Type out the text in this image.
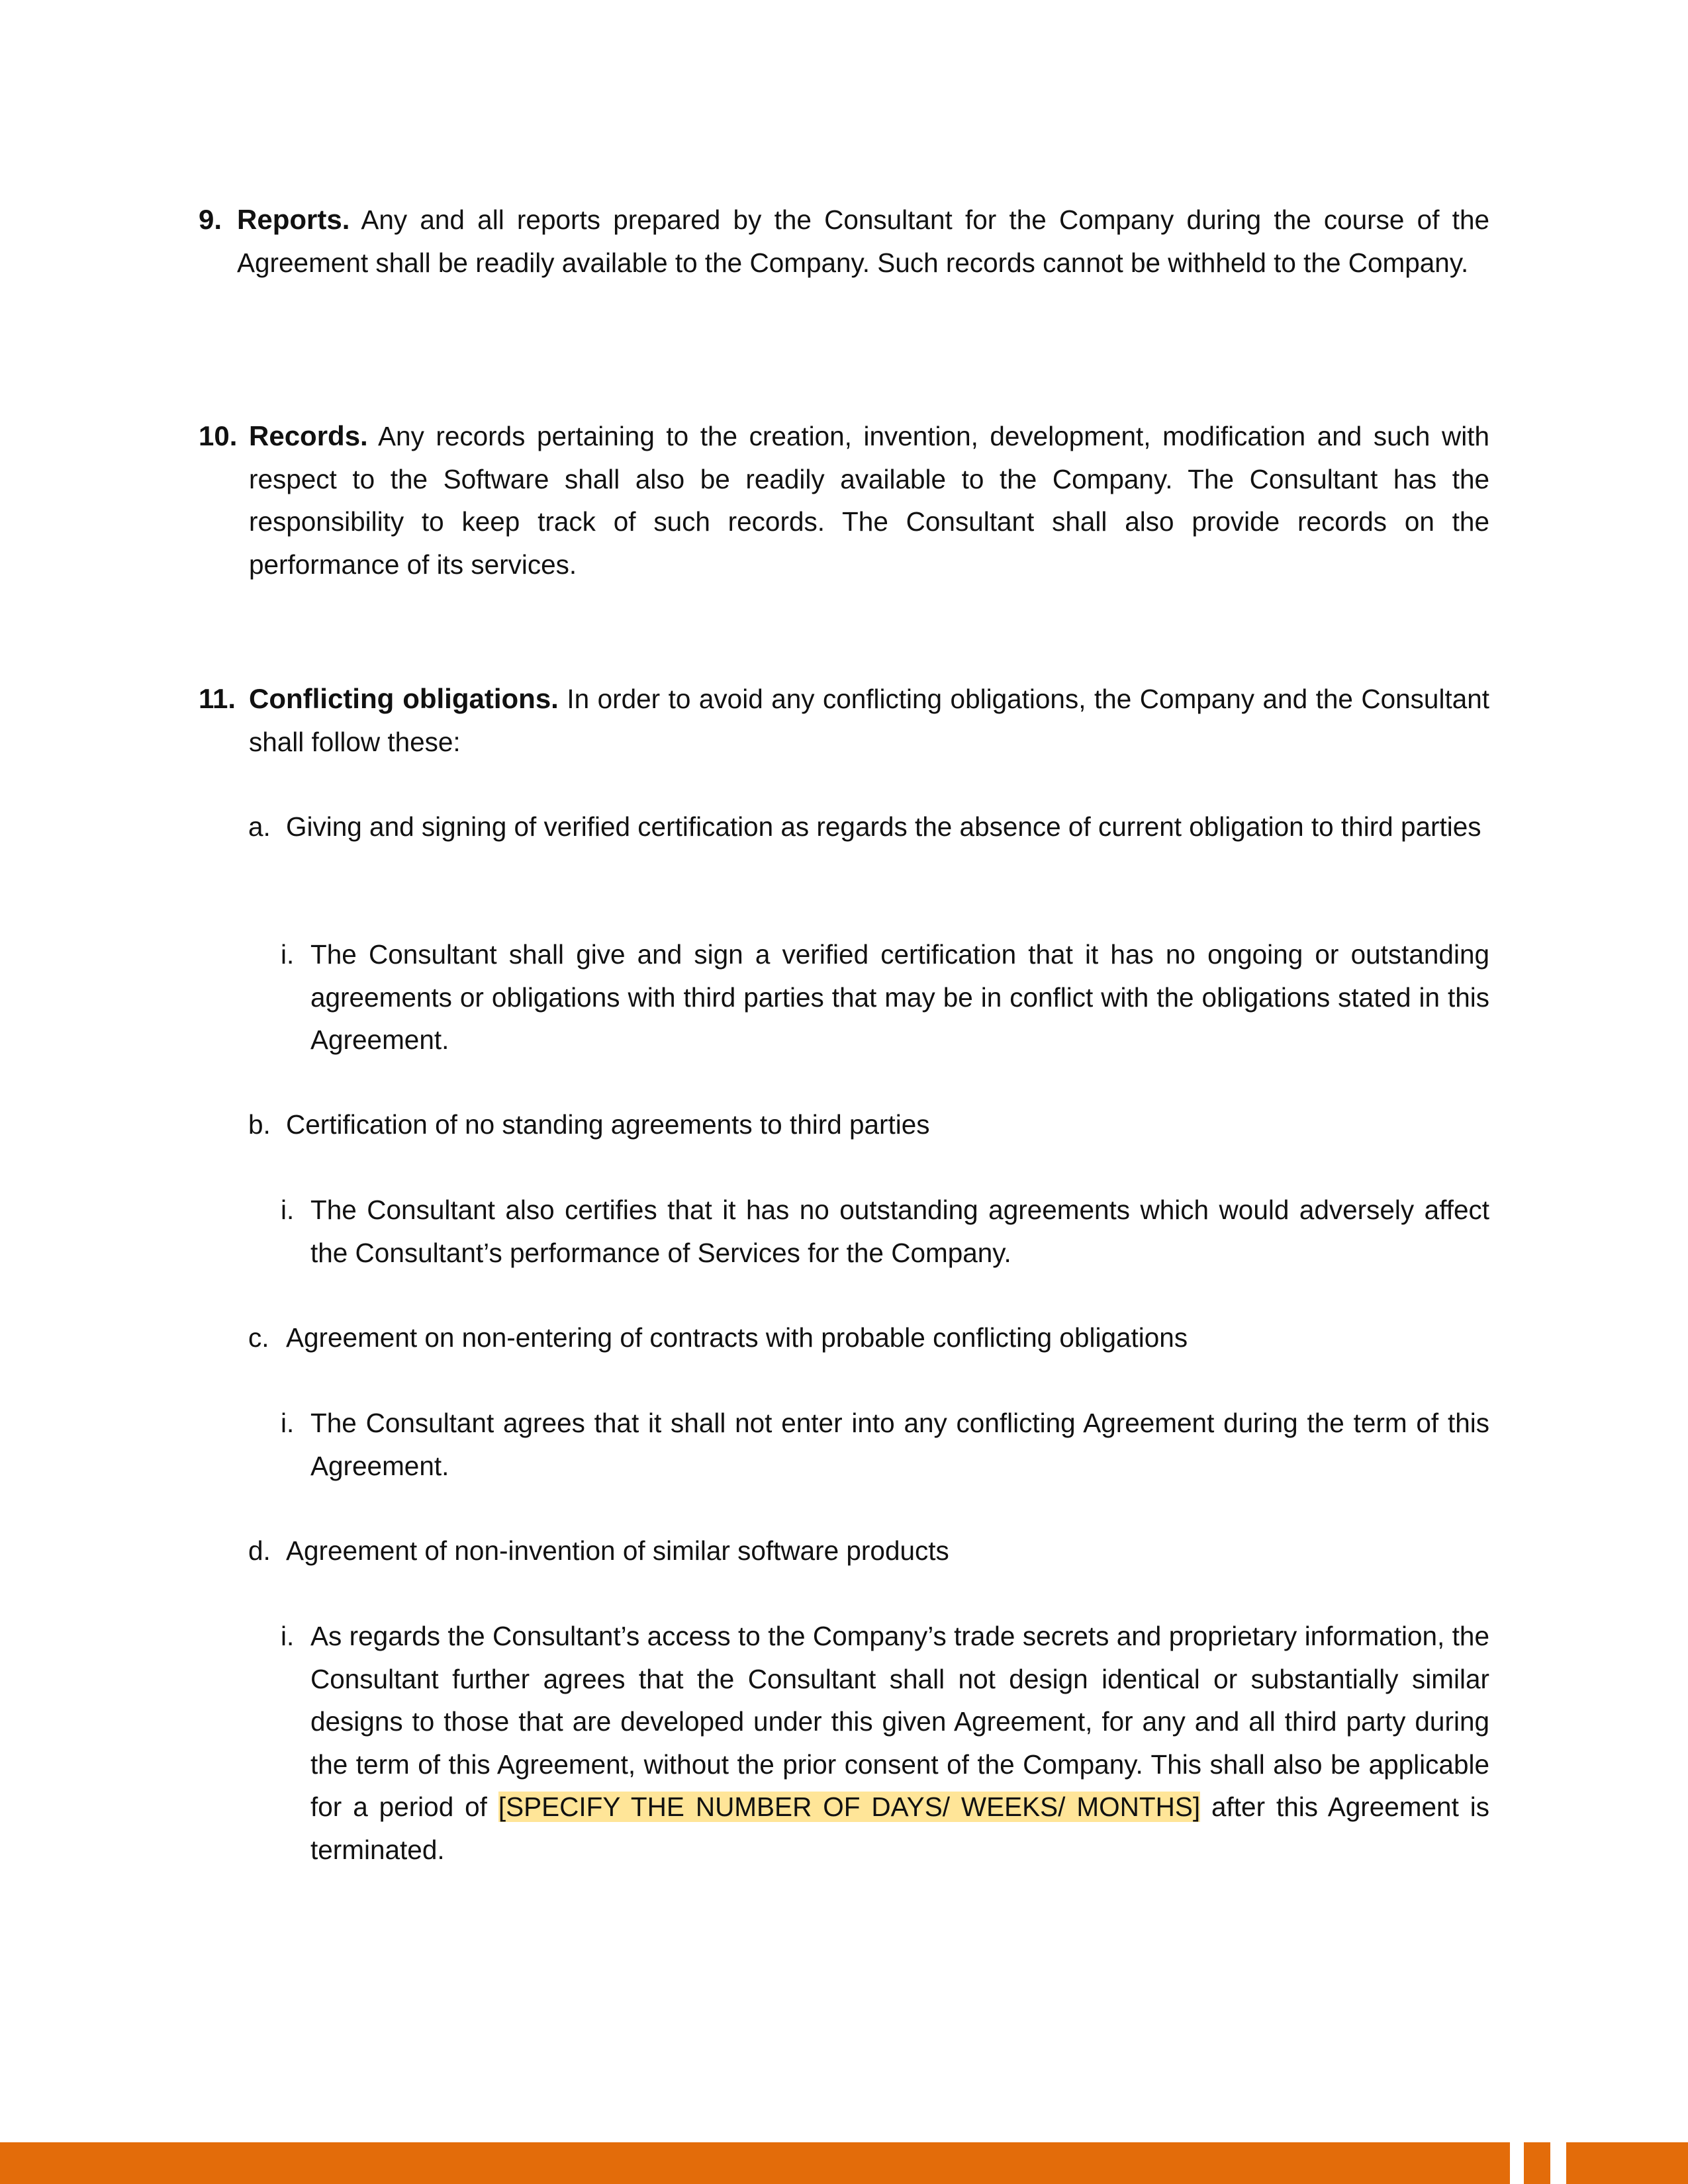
9. Reports. Any and all reports prepared by the Consultant for the Company during the course of the Agreement shall be readily available to the Company. Such records cannot be withheld to the Company.
10. Records. Any records pertaining to the creation, invention, development, modification and such with respect to the Software shall also be readily available to the Company. The Consultant has the responsibility to keep track of such records. The Consultant shall also provide records on the performance of its services.
11. Conflicting obligations. In order to avoid any conflicting obligations, the Company and the Consultant shall follow these:
a. Giving and signing of verified certification as regards the absence of current obligation to third parties
i. The Consultant shall give and sign a verified certification that it has no ongoing or outstanding agreements or obligations with third parties that may be in conflict with the obligations stated in this Agreement.
b. Certification of no standing agreements to third parties
i. The Consultant also certifies that it has no outstanding agreements which would adversely affect the Consultant’s performance of Services for the Company.
c. Agreement on non-entering of contracts with probable conflicting obligations
i. The Consultant agrees that it shall not enter into any conflicting Agreement during the term of this Agreement.
d. Agreement of non-invention of similar software products
i. As regards the Consultant’s access to the Company’s trade secrets and proprietary information, the Consultant further agrees that the Consultant shall not design identical or substantially similar designs to those that are developed under this given Agreement, for any and all third party during the term of this Agreement, without the prior consent of the Company. This shall also be applicable for a period of [SPECIFY THE NUMBER OF DAYS/ WEEKS/ MONTHS] after this Agreement is terminated.
